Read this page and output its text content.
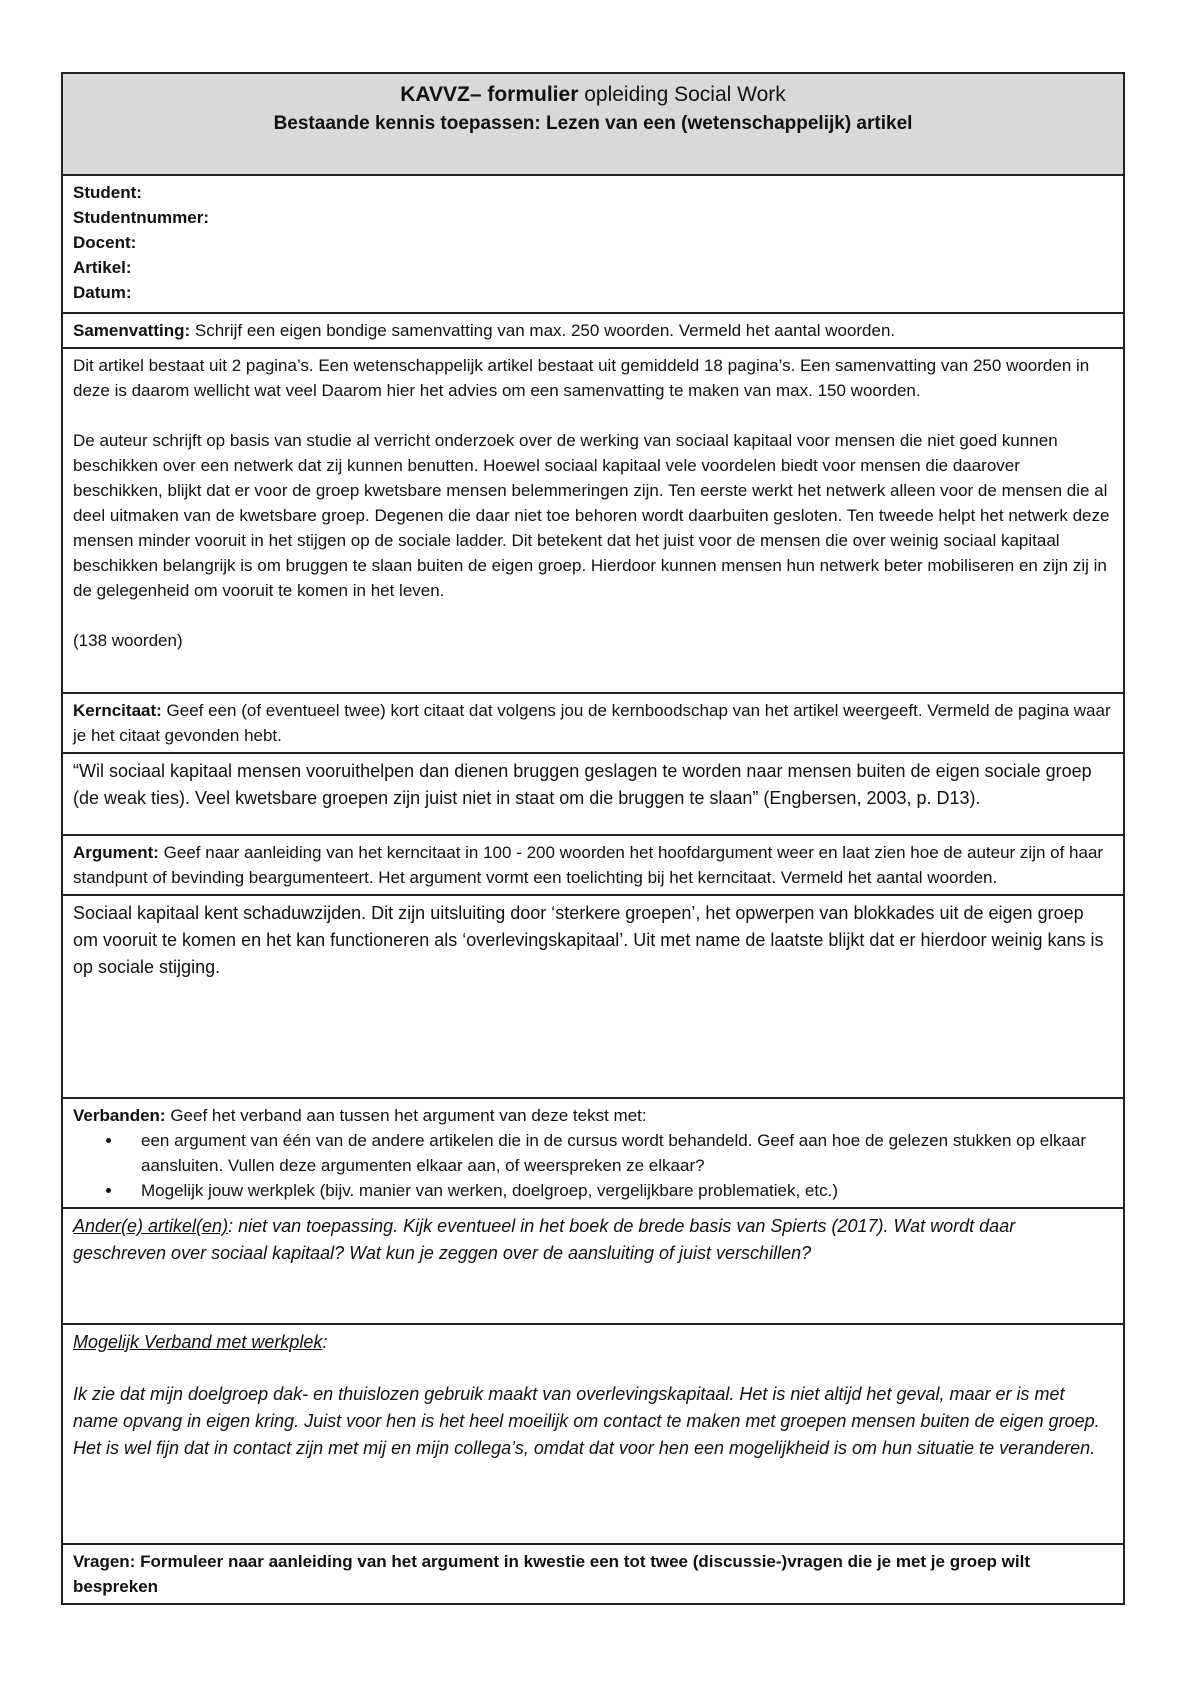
KAVVZ– formulier opleiding Social Work
Bestaande kennis toepassen: Lezen van een (wetenschappelijk) artikel
Student:
Studentnummer:
Docent:
Artikel:
Datum:
Samenvatting: Schrijf een eigen bondige samenvatting van max. 250 woorden. Vermeld het aantal woorden.

Dit artikel bestaat uit 2 pagina’s. Een wetenschappelijk artikel bestaat uit gemiddeld 18 pagina’s. Een samenvatting van 250 woorden in deze is daarom wellicht wat veel Daarom hier het advies om een samenvatting te maken van max. 150 woorden.

De auteur schrijft op basis van studie al verricht onderzoek over de werking van sociaal kapitaal voor mensen die niet goed kunnen beschikken over een netwerk dat zij kunnen benutten. Hoewel sociaal kapitaal vele voordelen biedt voor mensen die daarover beschikken, blijkt dat er voor de groep kwetsbare mensen belemmeringen zijn. Ten eerste werkt het netwerk alleen voor de mensen die al deel uitmaken van de kwetsbare groep. Degenen die daar niet toe behoren wordt daarbuiten gesloten. Ten tweede helpt het netwerk deze mensen minder vooruit in het stijgen op de sociale ladder. Dit betekent dat het juist voor de mensen die over weinig sociaal kapitaal beschikken belangrijk is om bruggen te slaan buiten de eigen groep. Hierdoor kunnen mensen hun netwerk beter mobiliseren en zijn zij in de gelegenheid om vooruit te komen in het leven.

(138 woorden)

Kerncitaat: Geef een (of eventueel twee) kort citaat dat volgens jou de kernboodschap van het artikel weergeeft. Vermeld de pagina waar je het citaat gevonden hebt.

“Wil sociaal kapitaal mensen vooruithelpen dan dienen bruggen geslagen te worden naar mensen buiten de eigen sociale groep (de weak ties). Veel kwetsbare groepen zijn juist niet in staat om die bruggen te slaan” (Engbersen, 2003, p. D13).

Argument: Geef naar aanleiding van het kerncitaat in 100 - 200 woorden het hoofdargument weer en laat zien hoe de auteur zijn of haar standpunt of bevinding beargumenteert. Het argument vormt een toelichting bij het kerncitaat. Vermeld het aantal woorden.

Sociaal kapitaal kent schaduwzijden. Dit zijn uitsluiting door ‘sterkere groepen’, het opwerpen van blokkades uit de eigen groep om vooruit te komen en het kan functioneren als ‘overlevingskapitaal’. Uit met name de laatste blijkt dat er hierdoor weinig kans is op sociale stijging.

Verbanden: Geef het verband aan tussen het argument van deze tekst met:
• een argument van één van de andere artikelen die in de cursus wordt behandeld. Geef aan hoe de gelezen stukken op elkaar aansluiten. Vullen deze argumenten elkaar aan, of weerspreken ze elkaar?
• Mogelijk jouw werkplek (bijv. manier van werken, doelgroep, vergelijkbare problematiek, etc.)
Ander(e) artikel(en): niet van toepassing. Kijk eventueel in het boek de brede basis van Spierts (2017). Wat wordt daar geschreven over sociaal kapitaal? Wat kun je zeggen over de aansluiting of juist verschillen?
Mogelijk Verband met werkplek:

Ik zie dat mijn doelgroep dak- en thuislozen gebruik maakt van overlevingskapitaal. Het is niet altijd het geval, maar er is met name opvang in eigen kring. Juist voor hen is het heel moeilijk om contact te maken met groepen mensen buiten de eigen groep. Het is wel fijn dat in contact zijn met mij en mijn collega’s, omdat dat voor hen een mogelijkheid is om hun situatie te veranderen.

Vragen: Formuleer naar aanleiding van het argument in kwestie een tot twee (discussie-)vragen die je met je groep wilt bespreken
